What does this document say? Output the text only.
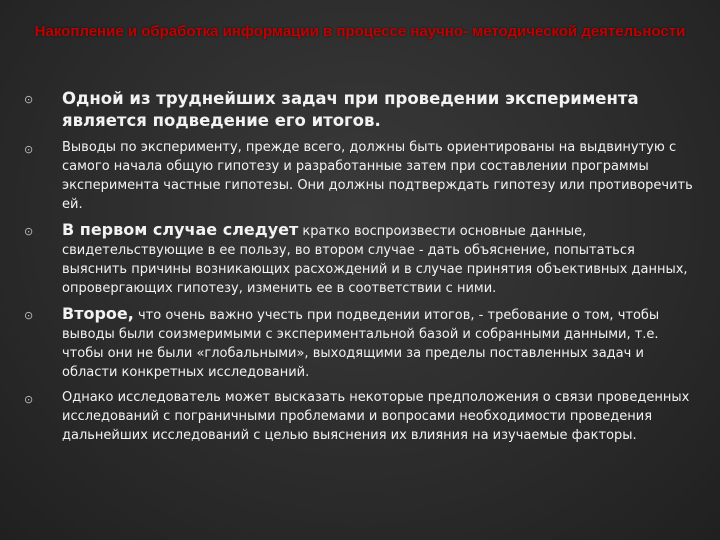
Накопление и обработка информации в процессе научно- методической деятельности
⊙	Одной из труднейших задач при проведении эксперимента является подведение его итогов.
⊙	Выводы по эксперименту, прежде всего, должны быть ориентированы на выдвинутую с самого начала общую гипотезу и разработанные затем при составлении программы эксперимента частные гипотезы. Они должны подтверждать гипотезу или противоречить ей.
⊙	В первом случае следует кратко воспроизвести основные данные, свидетельствующие в ее пользу, во втором случае - дать объяснение, попытаться выяснить причины возникающих расхождений и в случае принятия объективных данных, опровергающих гипотезу, изменить ее в соответствии с ними.
⊙	Второе, что очень важно учесть при подведении итогов, - требование о том, чтобы выводы были соизмеримыми с экспериментальной базой и собранными данными, т.е. чтобы они не были «глобальными», выходящими за пределы поставленных задач и области конкретных исследований.
⊙	Однако исследователь может высказать некоторые предположения о связи проведенных исследований с пограничными проблемами и вопросами необходимости проведения дальнейших исследований с целью выяснения их влияния на изучаемые факторы.
